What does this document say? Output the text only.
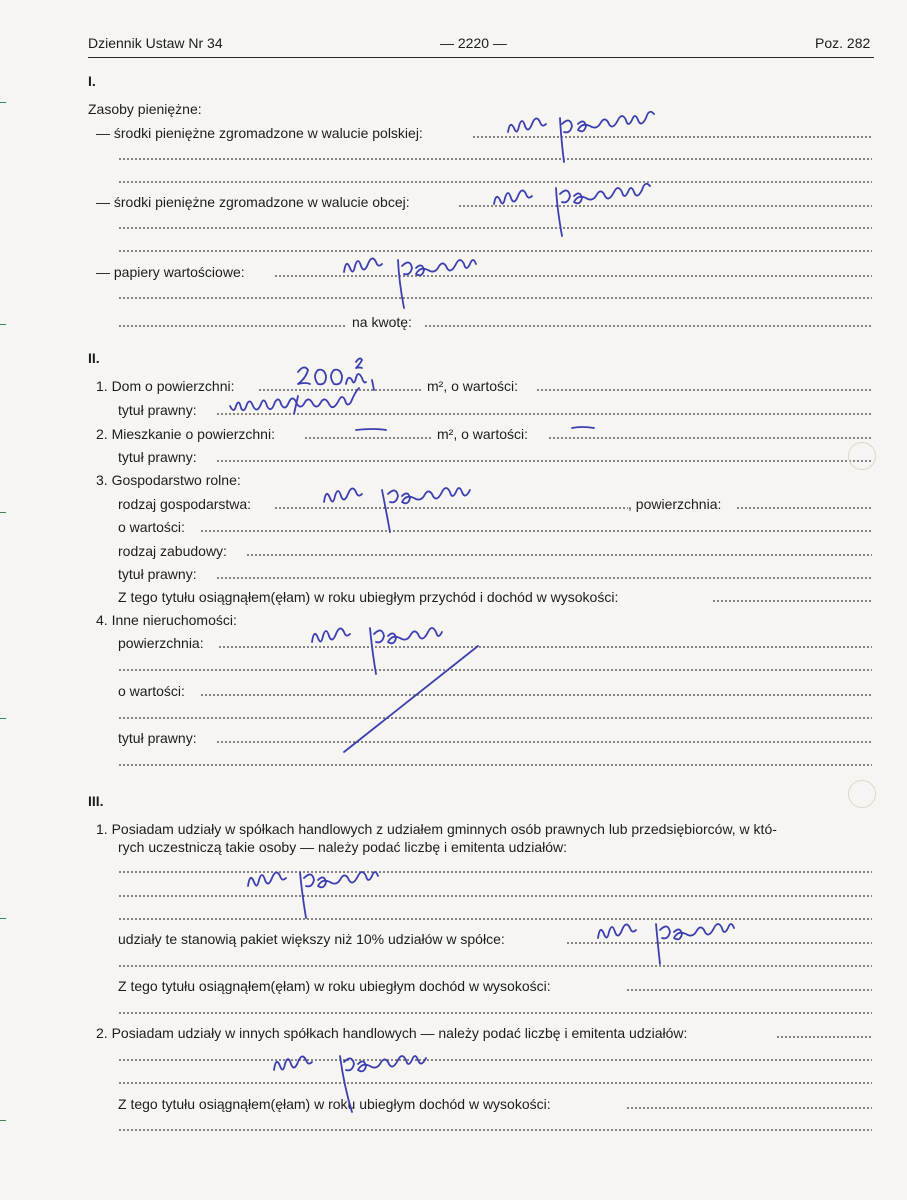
Dziennik Ustaw Nr 34	— 2220 —	Poz. 282
I.
Zasoby pieniężne:
— środki pieniężne zgromadzone w walucie polskiej:
— środki pieniężne zgromadzone w walucie obcej:
— papiery wartościowe:
na kwotę:
II.
1. Dom o powierzchni:	m², o wartości:
tytuł prawny:
2. Mieszkanie o powierzchni:	m², o wartości:
tytuł prawny:
3. Gospodarstwo rolne:
rodzaj gospodarstwa:	, powierzchnia:
o wartości:
rodzaj zabudowy:
tytuł prawny:
Z tego tytułu osiągnąłem(ęłam) w roku ubiegłym przychód i dochód w wysokości:
4. Inne nieruchomości:
powierzchnia:
o wartości:
tytuł prawny:
III.
1. Posiadam udziały w spółkach handlowych z udziałem gminnych osób prawnych lub przedsiębiorców, w któ-
rych uczestniczą takie osoby — należy podać liczbę i emitenta udziałów:
udziały te stanowią pakiet większy niż 10% udziałów w spółce:
Z tego tytułu osiągnąłem(ęłam) w roku ubiegłym dochód w wysokości:
2. Posiadam udziały w innych spółkach handlowych — należy podać liczbę i emitenta udziałów:
Z tego tytułu osiągnąłem(ęłam) w roku ubiegłym dochód w wysokości:
